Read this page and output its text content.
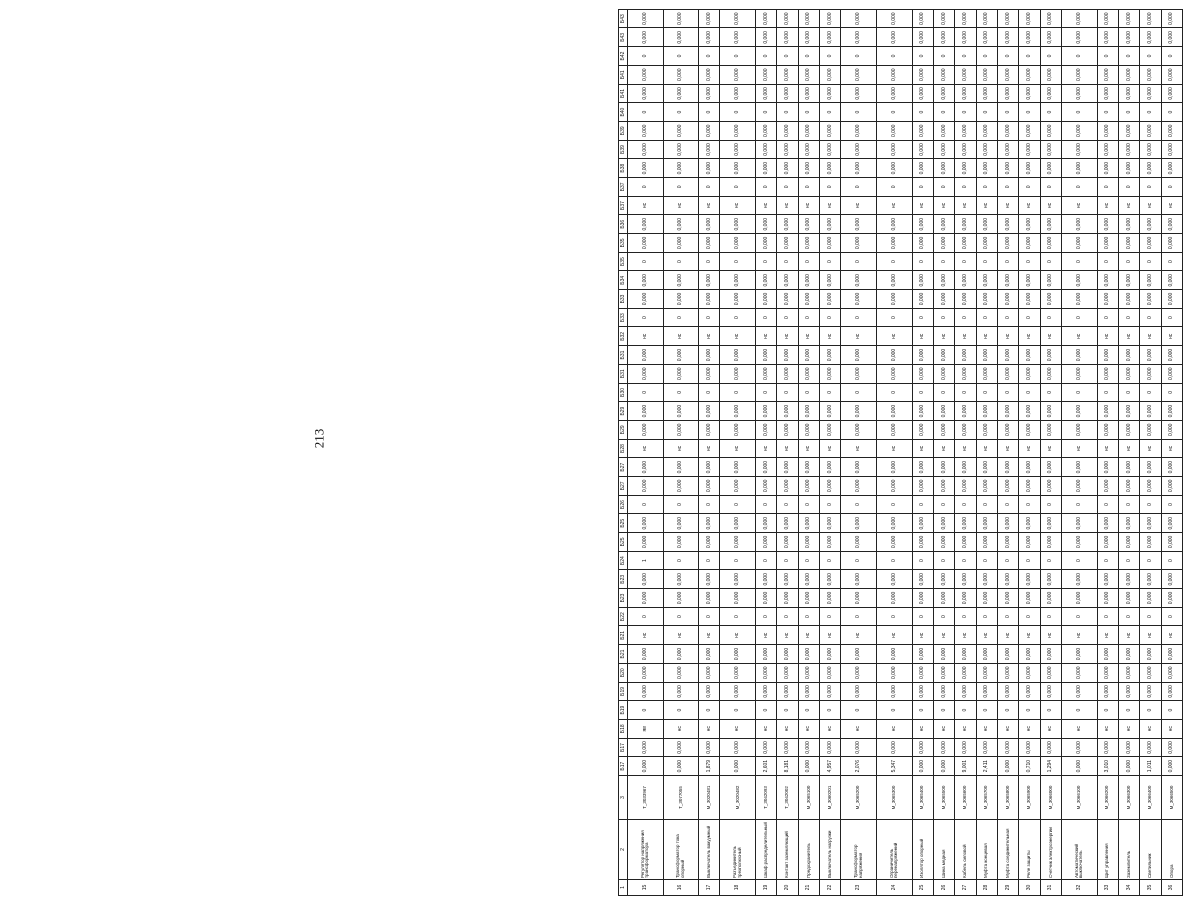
213
1	2	3	Б17	Б17	Б18	Б19	Б19	Б20	Б21	Б21	Б22	Б23	Б23	Б24	Б25	Б25	Б26	Б27	Б27	Б28	Б29	Б29	Б30	Б31	Б31	Б32	Б33	Б33	Б34	Б35	Б35	Б36	Б37	Б37	Б38	Б39	Б39	Б40	Б41	Б41	Б42	Б43	Б43
15	Регулятор напряжения трансформатора	T_3033967	0,000	0,000	яв	0	0,000	0,000	0,000	нс	0	0,000	0,000	1	0,000	0,000	0	0,000	0,000	нс	0,000	0,000	0	0,000	0,000	нс	0	0,000	0,000	0	0,000	0,000	нс	0	0,000	0,000	0,000	0	0,000	0,000	0	0,000	0,000
16	Трансформатор тока опорный	T_3077055	0,000	0,000	нс	0	0,000	0,000	0,000	нс	0	0,000	0,000	0	0,000	0,000	0	0,000	0,000	нс	0,000	0,000	0	0,000	0,000	нс	0	0,000	0,000	0	0,000	0,000	нс	0	0,000	0,000	0,000	0	0,000	0,000	0	0,000	0,000
17	Выключатель вакуумный	M_3020481	1,879	0,000	нс	0	0,000	0,000	0,000	нс	0	0,000	0,000	0	0,000	0,000	0	0,000	0,000	нс	0,000	0,000	0	0,000	0,000	нс	0	0,000	0,000	0	0,000	0,000	нс	0	0,000	0,000	0,000	0	0,000	0,000	0	0,000	0,000
18	Разъединитель трехполюсный	M_3020482	0,000	0,000	нс	0	0,000	0,000	0,000	нс	0	0,000	0,000	0	0,000	0,000	0	0,000	0,000	нс	0,000	0,000	0	0,000	0,000	нс	0	0,000	0,000	0	0,000	0,000	нс	0	0,000	0,000	0,000	0	0,000	0,000	0	0,000	0,000
19	Шкаф распределительный	T_3042093	2,601	0,000	нс	0	0,000	0,000	0,000	нс	0	0,000	0,000	0	0,000	0,000	0	0,000	0,000	нс	0,000	0,000	0	0,000	0,000	нс	0	0,000	0,000	0	0,000	0,000	нс	0	0,000	0,000	0,000	0	0,000	0,000	0	0,000	0,000
20	Контакт заземляющий	T_3042002	8,181	0,000	нс	0	0,000	0,000	0,000	нс	0	0,000	0,000	0	0,000	0,000	0	0,000	0,000	нс	0,000	0,000	0	0,000	0,000	нс	0	0,000	0,000	0	0,000	0,000	нс	0	0,000	0,000	0,000	0	0,000	0,000	0	0,000	0,000
21	Предохранитель	M_3065100	0,000	0,000	нс	0	0,000	0,000	0,000	нс	0	0,000	0,000	0	0,000	0,000	0	0,000	0,000	нс	0,000	0,000	0	0,000	0,000	нс	0	0,000	0,000	0	0,000	0,000	нс	0	0,000	0,000	0,000	0	0,000	0,000	0	0,000	0,000
22	Выключатель нагрузки	M_3060201	4,957	0,000	нс	0	0,000	0,000	0,000	нс	0	0,000	0,000	0	0,000	0,000	0	0,000	0,000	нс	0,000	0,000	0	0,000	0,000	нс	0	0,000	0,000	0	0,000	0,000	нс	0	0,000	0,000	0,000	0	0,000	0,000	0	0,000	0,000
23	Трансформатор напряжения	M_3065200	2,076	0,000	нс	0	0,000	0,000	0,000	нс	0	0,000	0,000	0	0,000	0,000	0	0,000	0,000	нс	0,000	0,000	0	0,000	0,000	нс	0	0,000	0,000	0	0,000	0,000	нс	0	0,000	0,000	0,000	0	0,000	0,000	0	0,000	0,000
24	Ограничитель перенапряжений	M_3065300	5,347	0,000	нс	0	0,000	0,000	0,000	нс	0	0,000	0,000	0	0,000	0,000	0	0,000	0,000	нс	0,000	0,000	0	0,000	0,000	нс	0	0,000	0,000	0	0,000	0,000	нс	0	0,000	0,000	0,000	0	0,000	0,000	0	0,000	0,000
25	Изолятор опорный	M_3065400	0,000	0,000	нс	0	0,000	0,000	0,000	нс	0	0,000	0,000	0	0,000	0,000	0	0,000	0,000	нс	0,000	0,000	0	0,000	0,000	нс	0	0,000	0,000	0	0,000	0,000	нс	0	0,000	0,000	0,000	0	0,000	0,000	0	0,000	0,000
26	Шина медная	M_3065500	0,000	0,000	нс	0	0,000	0,000	0,000	нс	0	0,000	0,000	0	0,000	0,000	0	0,000	0,000	нс	0,000	0,000	0	0,000	0,000	нс	0	0,000	0,000	0	0,000	0,000	нс	0	0,000	0,000	0,000	0	0,000	0,000	0	0,000	0,000
27	Кабель силовой	M_3065600	9,001	0,000	нс	0	0,000	0,000	0,000	нс	0	0,000	0,000	0	0,000	0,000	0	0,000	0,000	нс	0,000	0,000	0	0,000	0,000	нс	0	0,000	0,000	0	0,000	0,000	нс	0	0,000	0,000	0,000	0	0,000	0,000	0	0,000	0,000
28	Муфта концевая	M_3065700	2,411	0,000	нс	0	0,000	0,000	0,000	нс	0	0,000	0,000	0	0,000	0,000	0	0,000	0,000	нс	0,000	0,000	0	0,000	0,000	нс	0	0,000	0,000	0	0,000	0,000	нс	0	0,000	0,000	0,000	0	0,000	0,000	0	0,000	0,000
29	Муфта соединительная	M_3065800	0,000	0,000	нс	0	0,000	0,000	0,000	нс	0	0,000	0,000	0	0,000	0,000	0	0,000	0,000	нс	0,000	0,000	0	0,000	0,000	нс	0	0,000	0,000	0	0,000	0,000	нс	0	0,000	0,000	0,000	0	0,000	0,000	0	0,000	0,000
30	Реле защиты	M_3065900	0,710	0,000	нс	0	0,000	0,000	0,000	нс	0	0,000	0,000	0	0,000	0,000	0	0,000	0,000	нс	0,000	0,000	0	0,000	0,000	нс	0	0,000	0,000	0	0,000	0,000	нс	0	0,000	0,000	0,000	0	0,000	0,000	0	0,000	0,000
31	Счетчик электроэнергии	M_3066000	1,294	0,000	нс	0	0,000	0,000	0,000	нс	0	0,000	0,000	0	0,000	0,000	0	0,000	0,000	нс	0,000	0,000	0	0,000	0,000	нс	0	0,000	0,000	0	0,000	0,000	нс	0	0,000	0,000	0,000	0	0,000	0,000	0	0,000	0,000
32	Автоматический выключатель	M_3066100	0,000	0,000	нс	0	0,000	0,000	0,000	нс	0	0,000	0,000	0	0,000	0,000	0	0,000	0,000	нс	0,000	0,000	0	0,000	0,000	нс	0	0,000	0,000	0	0,000	0,000	нс	0	0,000	0,000	0,000	0	0,000	0,000	0	0,000	0,000
33	Щит управления	M_3066200	3,010	0,000	нс	0	0,000	0,000	0,000	нс	0	0,000	0,000	0	0,000	0,000	0	0,000	0,000	нс	0,000	0,000	0	0,000	0,000	нс	0	0,000	0,000	0	0,000	0,000	нс	0	0,000	0,000	0,000	0	0,000	0,000	0	0,000	0,000
34	Заземлитель	M_3066300	0,000	0,000	нс	0	0,000	0,000	0,000	нс	0	0,000	0,000	0	0,000	0,000	0	0,000	0,000	нс	0,000	0,000	0	0,000	0,000	нс	0	0,000	0,000	0	0,000	0,000	нс	0	0,000	0,000	0,000	0	0,000	0,000	0	0,000	0,000
35	Светильник	M_3066400	1,011	0,000	нс	0	0,000	0,000	0,000	нс	0	0,000	0,000	0	0,000	0,000	0	0,000	0,000	нс	0,000	0,000	0	0,000	0,000	нс	0	0,000	0,000	0	0,000	0,000	нс	0	0,000	0,000	0,000	0	0,000	0,000	0	0,000	0,000
36	Опора	M_3066500	0,000	0,000	нс	0	0,000	0,000	0,000	нс	0	0,000	0,000	0	0,000	0,000	0	0,000	0,000	нс	0,000	0,000	0	0,000	0,000	нс	0	0,000	0,000	0	0,000	0,000	нс	0	0,000	0,000	0,000	0	0,000	0,000	0	0,000	0,000
